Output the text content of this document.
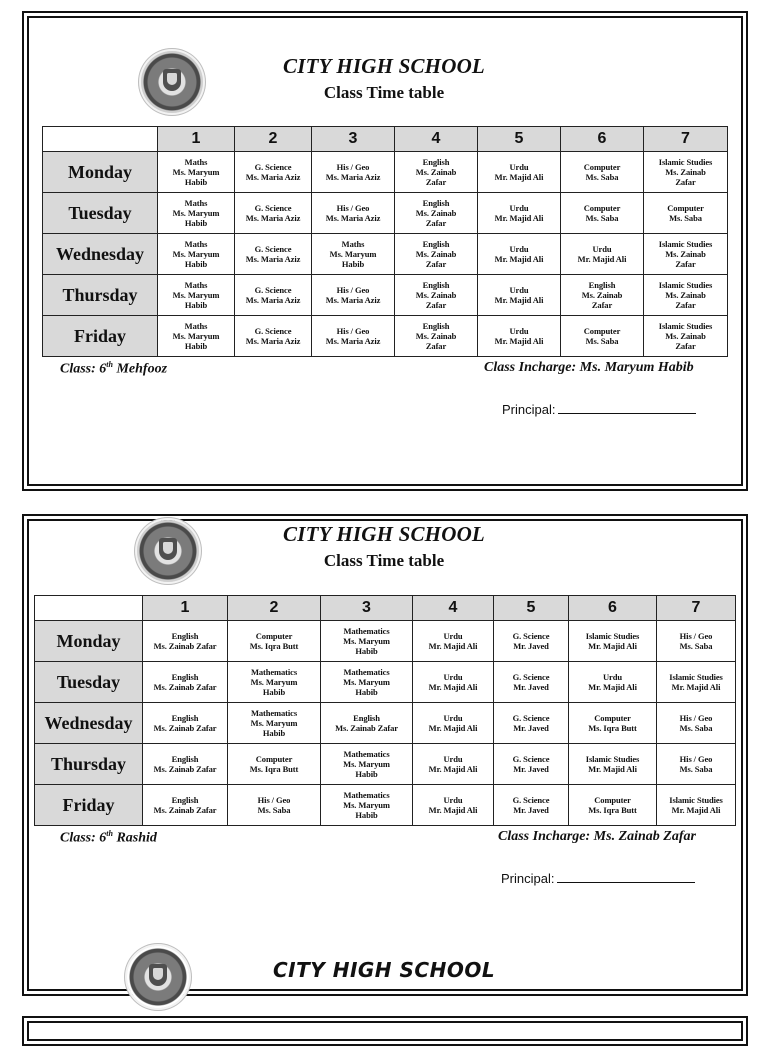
CITY HIGH SCHOOL
Class Time table
	1	2	3	4	5	6	7
Monday	Maths
Ms. Maryum
Habib	G. Science
Ms. Maria Aziz	His / Geo
Ms. Maria Aziz	English
Ms. Zainab
Zafar	Urdu
Mr. Majid Ali	Computer
Ms. Saba	Islamic Studies
Ms. Zainab
Zafar

Tuesday	Maths
Ms. Maryum
Habib	G. Science
Ms. Maria Aziz	His / Geo
Ms. Maria Aziz	English
Ms. Zainab
Zafar	Urdu
Mr. Majid Ali	Computer
Ms. Saba	Computer
Ms. Saba

Wednesday	Maths
Ms. Maryum
Habib	G. Science
Ms. Maria Aziz	Maths
Ms. Maryum
Habib	English
Ms. Zainab
Zafar	Urdu
Mr. Majid Ali	Urdu
Mr. Majid Ali	Islamic Studies
Ms. Zainab
Zafar

Thursday	Maths
Ms. Maryum
Habib	G. Science
Ms. Maria Aziz	His / Geo
Ms. Maria Aziz	English
Ms. Zainab
Zafar	Urdu
Mr. Majid Ali	English
Ms. Zainab
Zafar	Islamic Studies
Ms. Zainab
Zafar

Friday	Maths
Ms. Maryum
Habib	G. Science
Ms. Maria Aziz	His / Geo
Ms. Maria Aziz	English
Ms. Zainab
Zafar	Urdu
Mr. Majid Ali	Computer
Ms. Saba	Islamic Studies
Ms. Zainab
Zafar
Class: 6th Mehfooz	Class Incharge: Ms. Maryum Habib
Principal:
CITY HIGH SCHOOL
Class Time table
	1	2	3	4	5	6	7
Monday	English
Ms. Zainab Zafar	Computer
Ms. Iqra Butt	Mathematics
Ms. Maryum
Habib	Urdu
Mr. Majid Ali	G. Science
Mr. Javed	Islamic Studies
Mr. Majid Ali	His / Geo
Ms. Saba

Tuesday	English
Ms. Zainab Zafar	Mathematics
Ms. Maryum
Habib	Mathematics
Ms. Maryum
Habib	Urdu
Mr. Majid Ali	G. Science
Mr. Javed	Urdu
Mr. Majid Ali	Islamic Studies
Mr. Majid Ali

Wednesday	English
Ms. Zainab Zafar	Mathematics
Ms. Maryum
Habib	English
Ms. Zainab Zafar	Urdu
Mr. Majid Ali	G. Science
Mr. Javed	Computer
Ms. Iqra Butt	His / Geo
Ms. Saba

Thursday	English
Ms. Zainab Zafar	Computer
Ms. Iqra Butt	Mathematics
Ms. Maryum
Habib	Urdu
Mr. Majid Ali	G. Science
Mr. Javed	Islamic Studies
Mr. Majid Ali	His / Geo
Ms. Saba

Friday	English
Ms. Zainab Zafar	His / Geo
Ms. Saba	Mathematics
Ms. Maryum
Habib	Urdu
Mr. Majid Ali	G. Science
Mr. Javed	Computer
Ms. Iqra Butt	Islamic Studies
Mr. Majid Ali
Class: 6th Rashid	Class Incharge: Ms. Zainab Zafar
Principal:
CITY HIGH SCHOOL
